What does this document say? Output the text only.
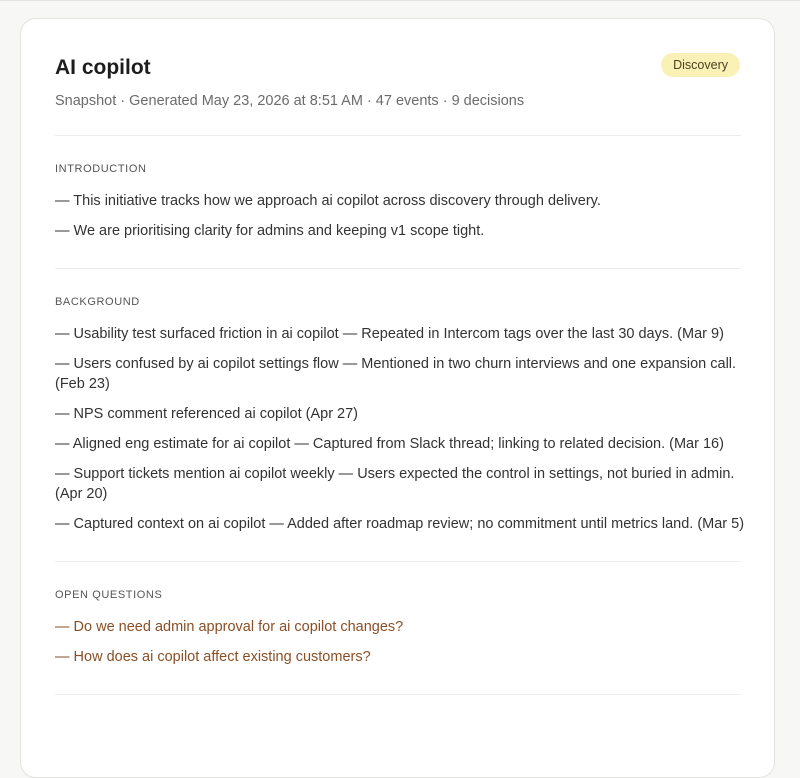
AI copilot	Discovery
Snapshot · Generated May 23, 2026 at 8:51 AM · 47 events · 9 decisions
INTRODUCTION
— This initiative tracks how we approach ai copilot across discovery through delivery.
— We are prioritising clarity for admins and keeping v1 scope tight.
BACKGROUND
— Usability test surfaced friction in ai copilot — Repeated in Intercom tags over the last 30 days. (Mar 9)
— Users confused by ai copilot settings flow — Mentioned in two churn interviews and one expansion call. (Feb 23)
— NPS comment referenced ai copilot (Apr 27)
— Aligned eng estimate for ai copilot — Captured from Slack thread; linking to related decision. (Mar 16)
— Support tickets mention ai copilot weekly — Users expected the control in settings, not buried in admin. (Apr 20)
— Captured context on ai copilot — Added after roadmap review; no commitment until metrics land. (Mar 5)
OPEN QUESTIONS
— Do we need admin approval for ai copilot changes?
— How does ai copilot affect existing customers?
